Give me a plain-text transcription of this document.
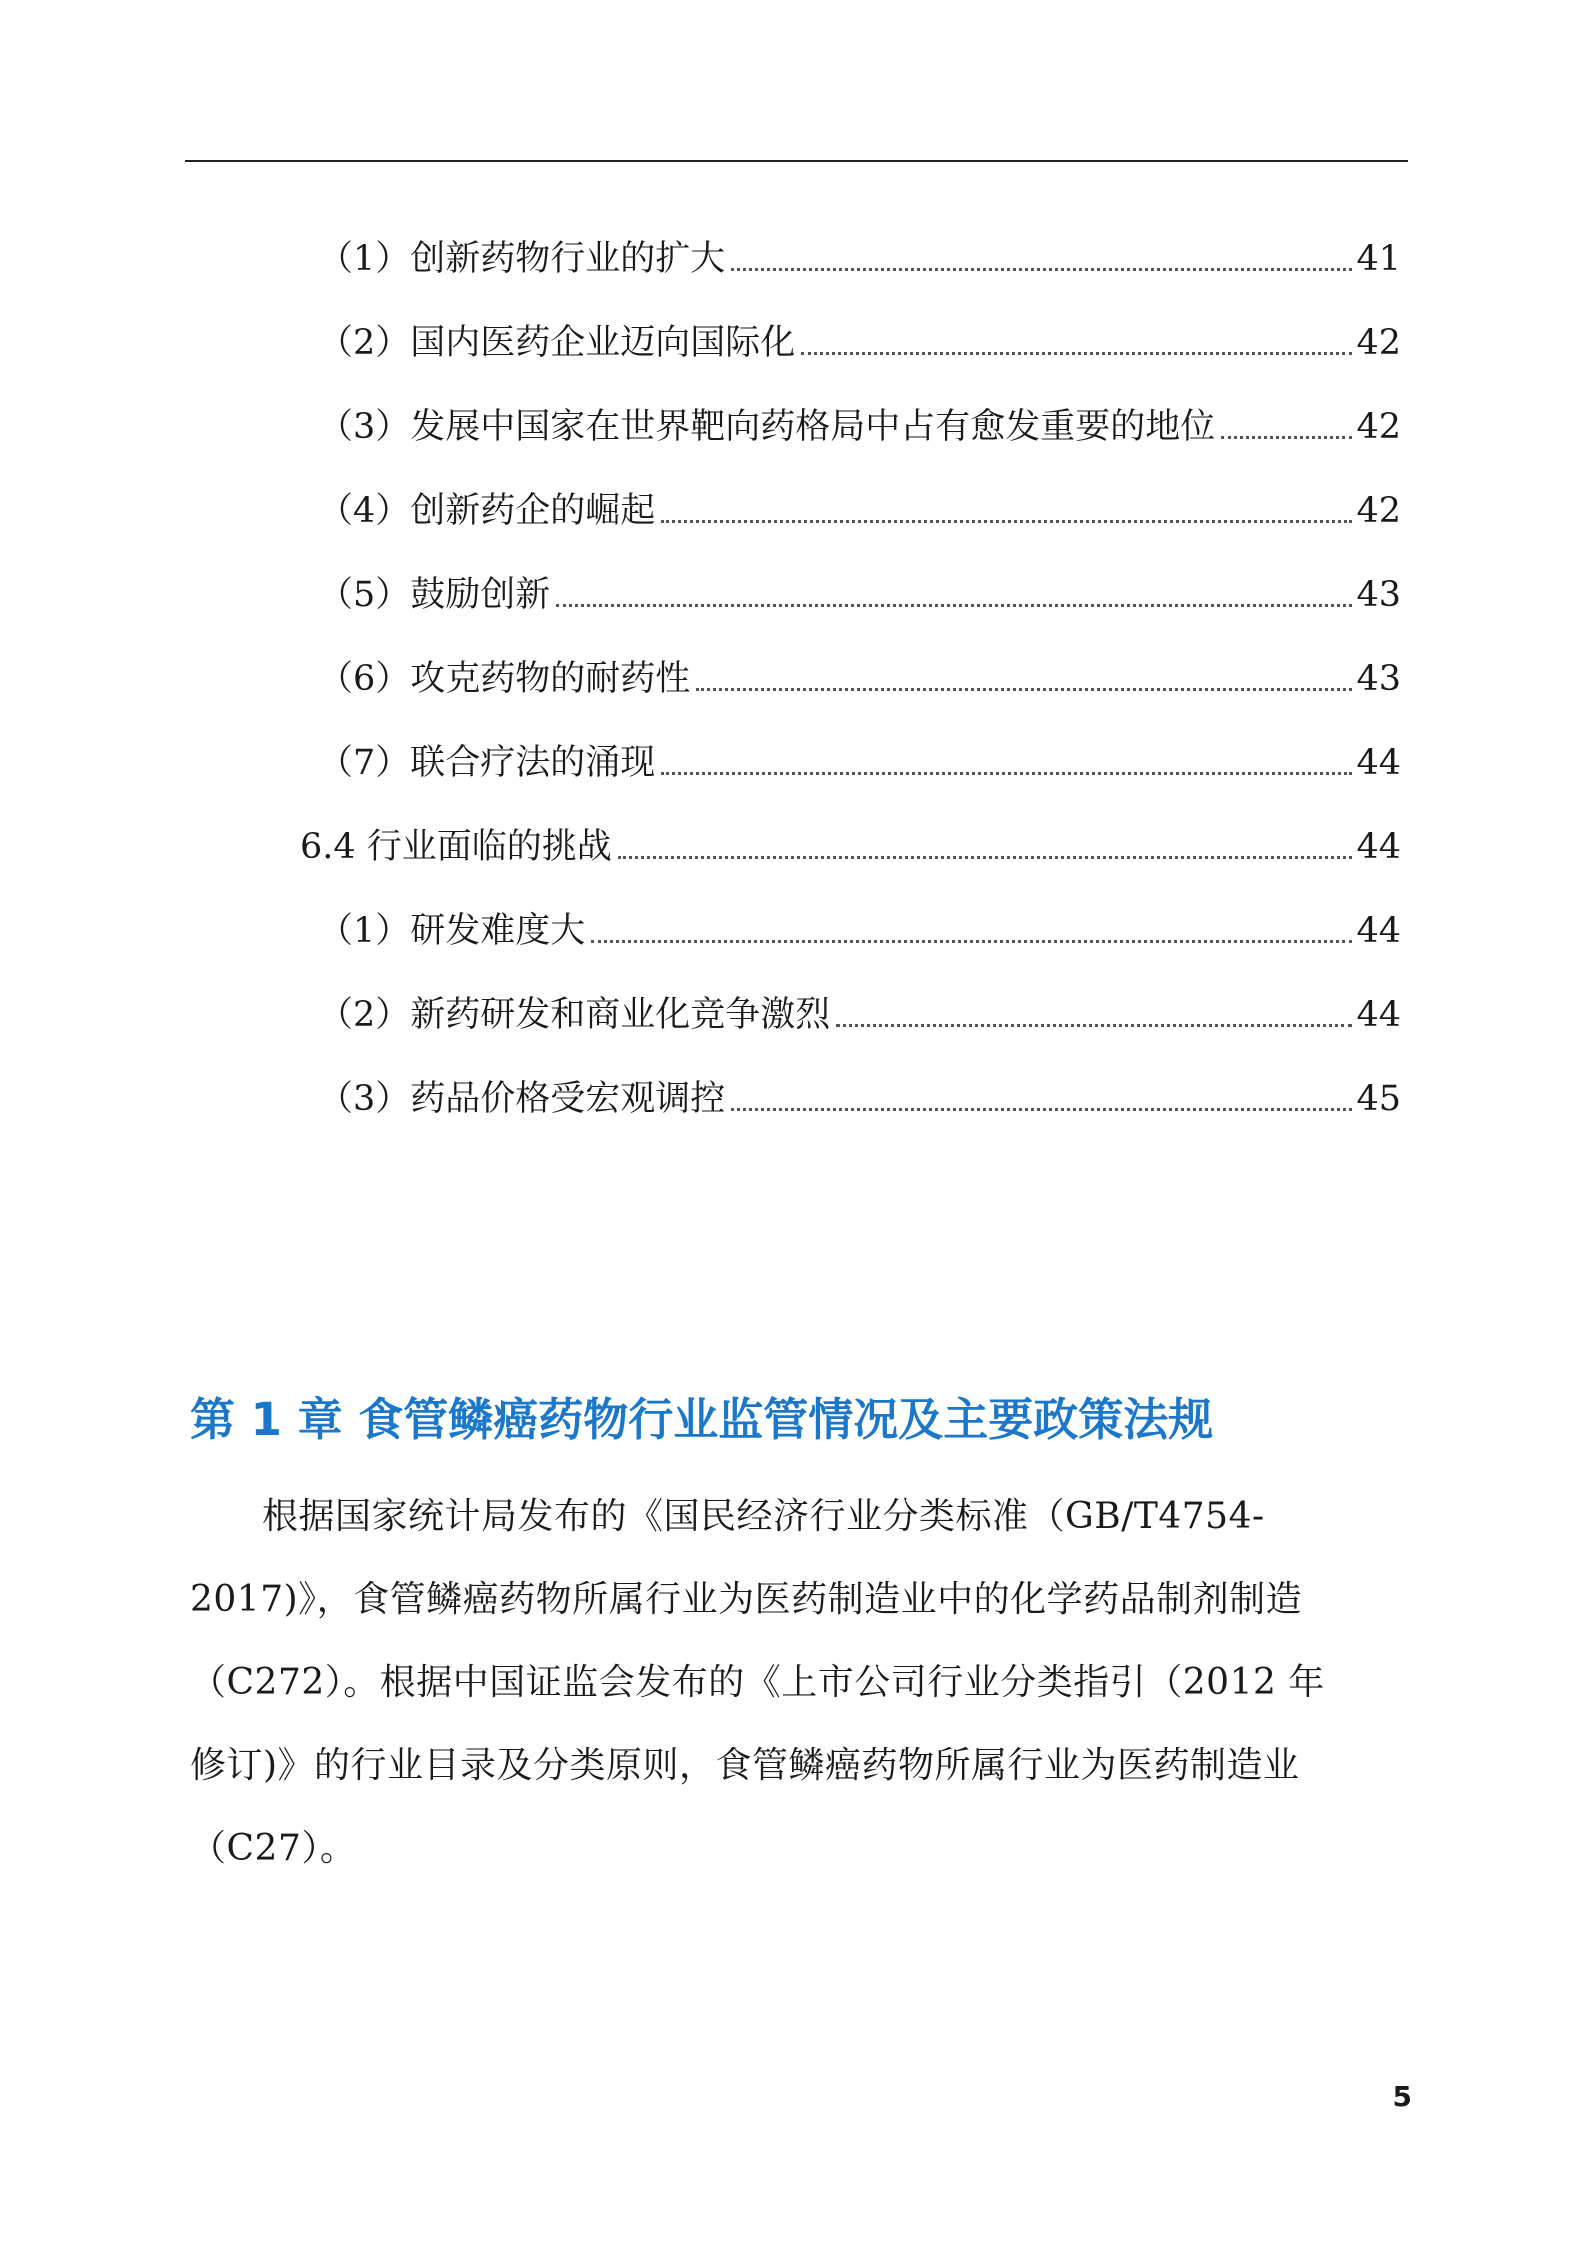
（1）创新药物行业的扩大	41
（2）国内医药企业迈向国际化	42
（3）发展中国家在世界靶向药格局中占有愈发重要的地位	42
（4）创新药企的崛起	42
（5）鼓励创新	43
（6）攻克药物的耐药性	43
（7）联合疗法的涌现	44
6.4 行业面临的挑战	44
（1）研发难度大	44
（2）新药研发和商业化竞争激烈	44
（3）药品价格受宏观调控	45
第 1 章 食管鳞癌药物行业监管情况及主要政策法规

根据国家统计局发布的《国民经济行业分类标准（GB/T4754-2017)》，食管鳞癌药物所属行业为医药制造业中的化学药品制剂制造（C272）。根据中国证监会发布的《上市公司行业分类指引（2012 年修订)》的行业目录及分类原则，食管鳞癌药物所属行业为医药制造业（C27）。

5
